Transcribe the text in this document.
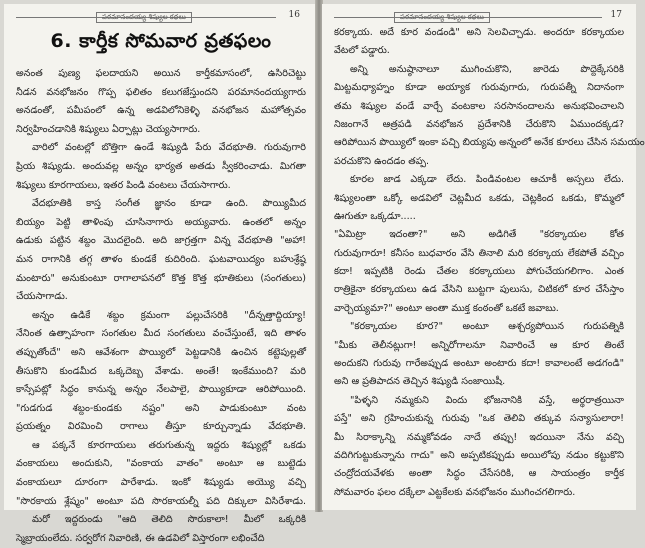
పరమానందయ్య శిష్యుల కథలు	16
6. కార్తీక సోమవార వ్రతఫలం
అనంత పుణ్య ఫలదాయని అయిన కార్తీకమాసంలో, ఉసిరిచెట్టు
నీడన వనభోజనం గొప్ప ఫలితం కలుగజేస్తుందని పరమానందయ్యగారు
అనడంతో, పమీపంలో ఉన్న అడవిలోనికెళ్ళి వనభోజన మహోత్సవం
నిర్వహించడానికి శిష్యులు ఏర్పాట్లు చెయ్యసాగారు.
వారిలో వంటల్లో బొత్తిగా ఉండే శిష్యుడి పేరు వేదభూతి. గురువుగారి
ప్రియ శిష్యుడు. అందువల్ల అన్నం భార్యత అతడు స్వీకరించాడు. మిగతా
శిష్యులు కూరగాయలు, ఇతర పిండి వంటలు చేయసాగారు.
వేదభూతికి కాస్త సంగీత జ్ఞానం కూడా ఉంది. పొయ్యిమీద
బియ్యం పెట్టి తాళింపు చూసినాగారు అయ్యవారు. ఉంతలో అన్నం
ఉడుకు పట్టిన శబ్దం మొదలైంది. అది జాగ్రత్తగా విన్న వేదభూతి "అహా!
మన రాగానికి తగ్గ తాళం కుండకే కుదిరింది. ఘటవాయిద్యం బహుశ్రేష్ఠ
మంటారు" అనుకుంటూ రాగాలాపనలో కొత్త కొత్త భూతికులు (సంగతులు)
చేయసాగాడు.
అన్నం ఉడికే శబ్దం క్రమంగా పల్లుచేసరికి "దీన్నత్తాద్దియ్యా!
నేనింత ఉత్సాహంగా సంగతుల మీద సంగతులు వంచేస్తుంటే, ఇది తాళం
తప్పుతోందే" అని ఆవేశంగా పొయ్యిలో పెట్టడానికి ఉంచిన కట్టెపుల్లతో
తీసుకొని కుండమీద ఒక్కదెబ్బ వేశాడు. అంతే! ఇంకేముంది? మరి
కాస్సేపట్లో సిద్ధం కానున్న అన్నం నేలపాలై, పొయ్యికూడా ఆరిపోయింది.
"గుడగుడ శబ్దం-కుండకు నష్టం" అని పాడుకుంటూ వంట
ప్రయత్నం విరమించి రాగాలు తీస్తూ కూర్చున్నాడు వేదభూతి.
ఆ పక్కనే కూరగాయలు తరుగుతున్న ఇద్దరు శిష్యుల్లో ఒకడు
వంకాయలు అందుకుని, "వంకాయ వాతం" అంటూ ఆ బుట్టెడు
వంకాయలూ దూరంగా పారేశాడు. ఇంకో శిష్యుడు అయ్యొ వచ్చి
"సొరకాయ శ్లేష్మం" అంటూ పది సొరకాయల్నీ పది దిక్కులా విసిరేశాడు.
మరో ఇద్దరుండు "ఆది తెలిది సొరుకాలా! మీలో ఒక్కరికి
స్మెబ్రాయంలేదు. సర్వరోగ నివారిణి, ఈ ఉడవిలో విస్తారంగా లభించేది
పరమానందయ్య శిష్యుల కథలు	17
కరక్కాయ. అదే కూర వండండి" అని సెలవిచ్చాడు. అందరూ కరక్కాయల
వేటలో పడ్డారు.
అన్ని అనుష్ఠానాలూ ముగించుకొని, జారెడు పొద్దెక్కేసరికి
మిట్టమధ్యాహ్నం కూడా అయ్యాక గురువుగారు, గురుపత్నీ నిదానంగా
తమ శిష్యుల వండే వార్చే వంటకాల సరసానందాలను అనుభవించాలని
నిజంగానే ఆత్రపడి వనభోజన ప్రదేశానికి చేరుకొని ఏముందక్కడ?
ఆరిపోయిన పొయ్యిలో ఇంకా పచ్చి బియ్యపు అన్నంలో అనేక కూరలు చేసిన సమయం
పరచుకొని ఉందడం తప్ప.
కూరల జాడ ఎక్కడా లేదు. పిండివంటల ఆచూకీ అస్సలు లేదు.
శిష్యులంతా ఒక్కో అడవిలో చెట్లమీద ఒకడు, చెట్లకింద ఒకడు, కొమ్మలో
ఊగుతూ ఒక్కడూ.....
"ఏమిట్రా ఇదంతా?" అని అడిగితే "కరక్కాయల కోత
గురువుగారూ! కనీసం బుధవారం వేసి తినాలి మరి కరక్కాయ లేకపోతే వచ్చిం
కదా! ఇప్పటికి రెండు చేతల కరక్కాయలు పోగుచేయగలిగాం. ఎంత
రాత్రికైనా కరక్కాయలు ఉడ వేసిని బుట్టగా పులుసు, చిటికలో కూర చేసేస్తాం
వార్చెయ్యమా?" అంటూ అంతా ముక్త కంఠంతో ఒకటే జవాబు.
"కరక్కాయల కూర?" అంటూ ఆశ్చర్యపోయిన గురుపత్నికి
"మీకు తెలీనట్లుగా! అన్నిరోగాలనూ నివారించే ఆ కూర తింటే
అందుకని గురువు గారేఅప్పుడ అంటూ అంటారు కదా! కావాలంటే అడగండి"
అని ఆ ప్రతిపాదన తెచ్చిన శిష్యుడి సంజాయిషీ.
"పిళ్ళని నమ్మకుని విందు భోజనానికి వస్తే, అర్థరాత్రయినా
పస్తే" అని గ్రహించుకున్న గురువు "ఒక తెలివి తక్కువ సన్యాసులారా!
మీ సిరాక్కాన్ని నమ్మకోవడం నాదే తప్పు! ఇదయినా నేను వచ్చి
వదిగిగుట్టుకున్నాను గాదు" అని అప్పటికప్పుడు అయిలోపు నడుం కట్టుకొని
చంద్రోదయవేళకు అంతా సిద్ధం చేసేసరికి, ఆ సాయంత్రం కార్తీక
సోమవారం ఫలం దక్కేలా ఎట్టకేలకు వనభోజనం ముగించగలిగారు.
